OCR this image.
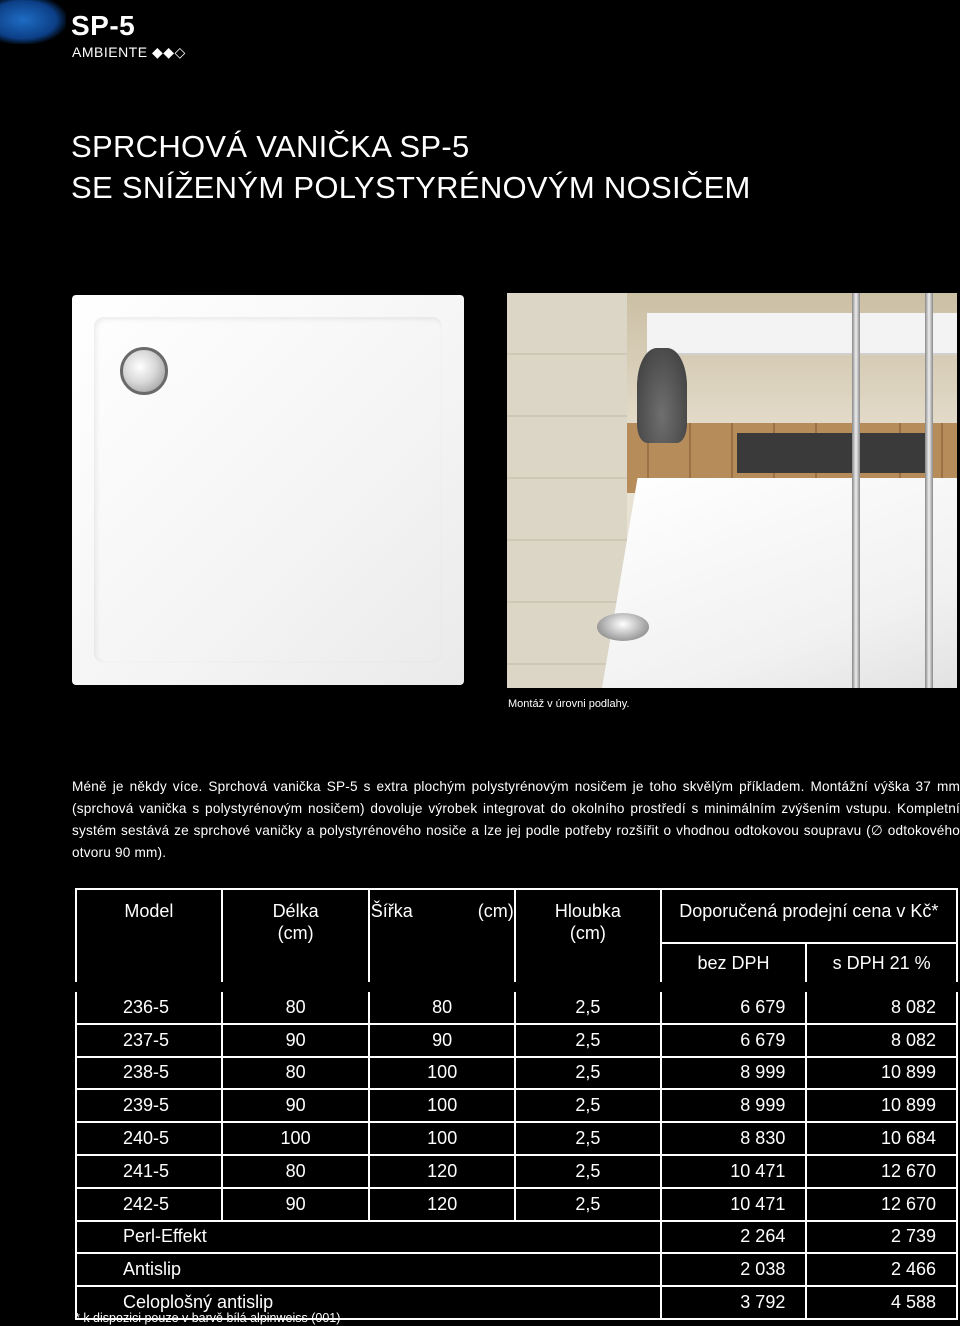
SP-5
AMBIENTE ◆◆◇
SPRCHOVÁ VANIČKA SP-5
SE SNÍŽENÝM POLYSTYRÉNOVÝM NOSIČEM
Montáž v úrovni podlahy.
Méně je někdy více. Sprchová vanička SP-5 s extra plochým polystyrénovým nosičem je toho skvělým příkladem. Montážní výška 37 mm (sprchová vanička s polystyrénovým nosičem) dovoluje výrobek integrovat do okolního prostředí s minimálním zvýšením vstupu. Kompletní systém sestává ze sprchové vaničky a polystyrénového nosiče a lze jej podle potřeby rozšířit o vhodnou odtokovou soupravu (∅ odtokového otvoru 90 mm).
Model	Délka (cm)	Šířka (cm)	Hloubka (cm)	Doporučená prodejní cena v Kč*	
				bez DPH	s DPH 21 %
236-5	80	80	2,5	6 679	8 082
237-5	90	90	2,5	6 679	8 082
238-5	80	100	2,5	8 999	10 899
239-5	90	100	2,5	8 999	10 899
240-5	100	100	2,5	8 830	10 684
241-5	80	120	2,5	10 471	12 670
242-5	90	120	2,5	10 471	12 670
Perl-Effekt				2 264	2 739
Antislip				2 038	2 466
Celoplošný antislip				3 792	4 588
* k dispozici pouze v barvě bílá alpinweiss (001)
